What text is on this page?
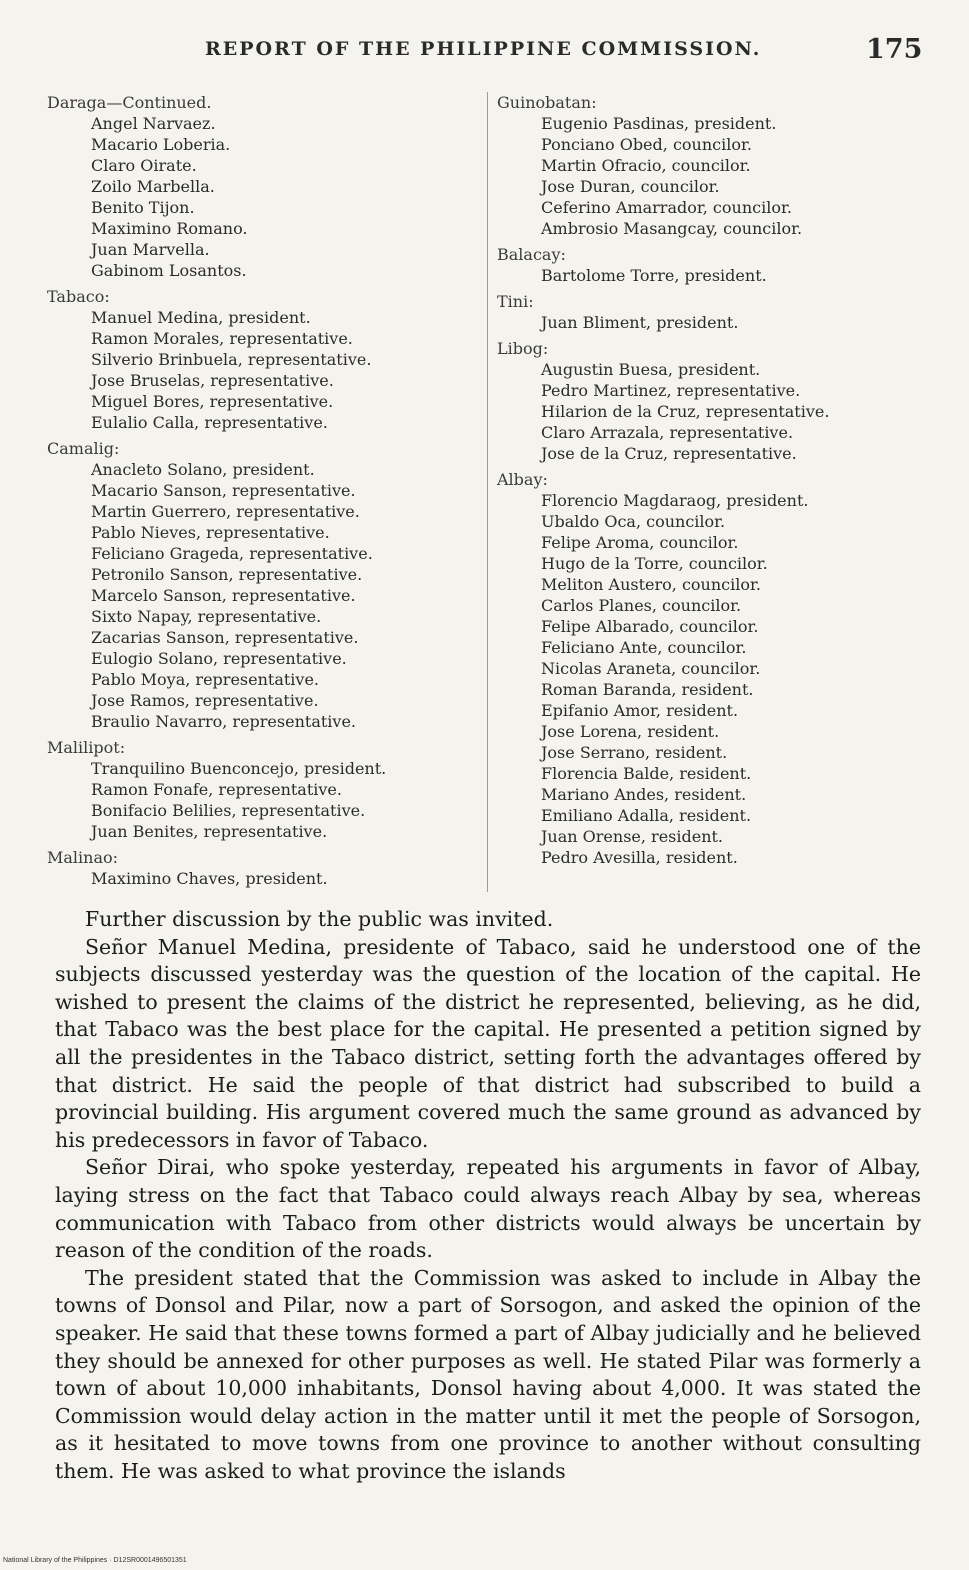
REPORT OF THE PHILIPPINE COMMISSION.	175
Daraga—Continued.
Angel Narvaez.
Macario Loberia.
Claro Oirate.
Zoilo Marbella.
Benito Tijon.
Maximino Romano.
Juan Marvella.
Gabinom Losantos.
Tabaco:
Manuel Medina, president.
Ramon Morales, representative.
Silverio Brinbuela, representative.
Jose Bruselas, representative.
Miguel Bores, representative.
Eulalio Calla, representative.
Camalig:
Anacleto Solano, president.
Macario Sanson, representative.
Martin Guerrero, representative.
Pablo Nieves, representative.
Feliciano Grageda, representative.
Petronilo Sanson, representative.
Marcelo Sanson, representative.
Sixto Napay, representative.
Zacarias Sanson, representative.
Eulogio Solano, representative.
Pablo Moya, representative.
Jose Ramos, representative.
Braulio Navarro, representative.
Malilipot:
Tranquilino Buenconcejo, president.
Ramon Fonafe, representative.
Bonifacio Belilies, representative.
Juan Benites, representative.
Malinao:
Maximino Chaves, president.
Guinobatan:
Eugenio Pasdinas, president.
Ponciano Obed, councilor.
Martin Ofracio, councilor.
Jose Duran, councilor.
Ceferino Amarrador, councilor.
Ambrosio Masangcay, councilor.
Balacay:
Bartolome Torre, president.
Tini:
Juan Bliment, president.
Libog:
Augustin Buesa, president.
Pedro Martinez, representative.
Hilarion de la Cruz, representative.
Claro Arrazala, representative.
Jose de la Cruz, representative.
Albay:
Florencio Magdaraog, president.
Ubaldo Oca, councilor.
Felipe Aroma, councilor.
Hugo de la Torre, councilor.
Meliton Austero, councilor.
Carlos Planes, councilor.
Felipe Albarado, councilor.
Feliciano Ante, councilor.
Nicolas Araneta, councilor.
Roman Baranda, resident.
Epifanio Amor, resident.
Jose Lorena, resident.
Jose Serrano, resident.
Florencia Balde, resident.
Mariano Andes, resident.
Emiliano Adalla, resident.
Juan Orense, resident.
Pedro Avesilla, resident.

Further discussion by the public was invited.

Señor Manuel Medina, presidente of Tabaco, said he understood one of the subjects discussed yesterday was the question of the location of the capital. He wished to present the claims of the district he represented, believing, as he did, that Tabaco was the best place for the capital. He presented a petition signed by all the presidentes in the Tabaco district, setting forth the advantages offered by that district. He said the people of that district had subscribed to build a provincial building. His argument covered much the same ground as advanced by his predecessors in favor of Tabaco.

Señor Dirai, who spoke yesterday, repeated his arguments in favor of Albay, laying stress on the fact that Tabaco could always reach Albay by sea, whereas communication with Tabaco from other districts would always be uncertain by reason of the condition of the roads.

The president stated that the Commission was asked to include in Albay the towns of Donsol and Pilar, now a part of Sorsogon, and asked the opinion of the speaker. He said that these towns formed a part of Albay judicially and he believed they should be annexed for other purposes as well. He stated Pilar was formerly a town of about 10,000 inhabitants, Donsol having about 4,000. It was stated the Commission would delay action in the matter until it met the people of Sorsogon, as it hesitated to move towns from one province to another without consulting them. He was asked to what province the islands

National Library of the Philippines · D12SR0001496501351
